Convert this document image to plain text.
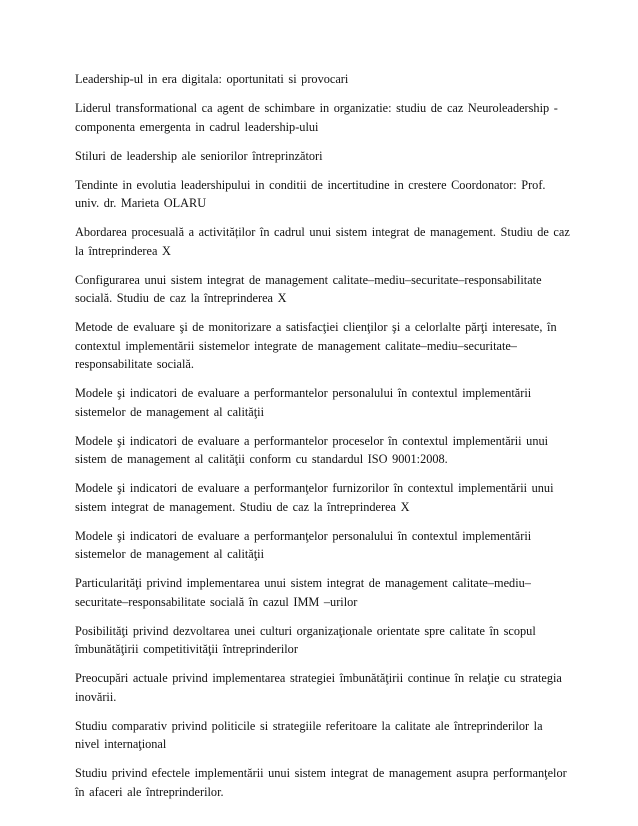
Leadership-ul in era digitala: oportunitati si provocari

Liderul transformational ca agent de schimbare in organizatie: studiu de caz Neuroleadership - componenta emergenta in cadrul leadership-ului

Stiluri de leadership ale seniorilor întreprinzători

Tendinte in evolutia leadershipului in conditii de incertitudine in crestere Coordonator: Prof. univ. dr. Marieta OLARU

Abordarea procesuală a activităților în cadrul unui sistem integrat de management. Studiu de caz la întreprinderea X

Configurarea unui sistem integrat de management calitate–mediu–securitate–responsabilitate socială. Studiu de caz la întreprinderea X

Metode de evaluare şi de monitorizare a satisfacţiei clienţilor şi a celorlalte părţi interesate, în contextul implementării sistemelor integrate de management calitate–mediu–securitate–responsabilitate socială.

Modele şi indicatori de evaluare a performantelor personalului în contextul implementării sistemelor de management al calităţii

Modele şi indicatori de evaluare a performantelor proceselor în contextul implementării unui sistem de management al calităţii conform cu standardul ISO 9001:2008.

Modele şi indicatori de evaluare a performanţelor furnizorilor în contextul implementării unui sistem integrat de management. Studiu de caz la întreprinderea X

Modele şi indicatori de evaluare a performanţelor personalului în contextul implementării sistemelor de management al calităţii

Particularităţi privind implementarea unui sistem integrat de management calitate–mediu–securitate–responsabilitate socială în cazul IMM –urilor

Posibilităţi privind dezvoltarea unei culturi organizaţionale orientate spre calitate în scopul îmbunătăţirii competitivităţii întreprinderilor

Preocupări actuale privind implementarea strategiei îmbunătăţirii continue în relaţie cu strategia inovării.

Studiu comparativ privind politicile si strategiile referitoare la calitate ale întreprinderilor la nivel internaţional

Studiu privind efectele implementării unui sistem integrat de management asupra performanţelor în afaceri ale întreprinderilor.
